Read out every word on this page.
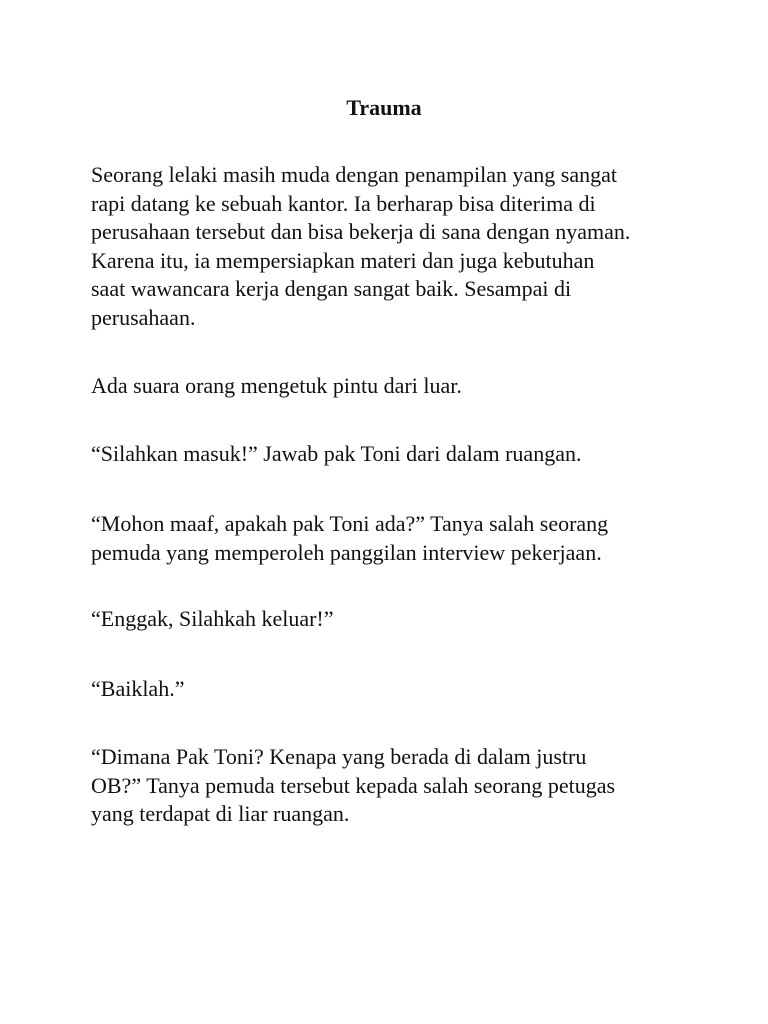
Trauma

Seorang lelaki masih muda dengan penampilan yang sangat
rapi datang ke sebuah kantor. Ia berharap bisa diterima di
perusahaan tersebut dan bisa bekerja di sana dengan nyaman.
Karena itu, ia mempersiapkan materi dan juga kebutuhan
saat wawancara kerja dengan sangat baik. Sesampai di
perusahaan.

Ada suara orang mengetuk pintu dari luar.

“Silahkan masuk!” Jawab pak Toni dari dalam ruangan.

“Mohon maaf, apakah pak Toni ada?” Tanya salah seorang
pemuda yang memperoleh panggilan interview pekerjaan.

“Enggak, Silahkah keluar!”

“Baiklah.”

“Dimana Pak Toni? Kenapa yang berada di dalam justru
OB?” Tanya pemuda tersebut kepada salah seorang petugas
yang terdapat di liar ruangan.
